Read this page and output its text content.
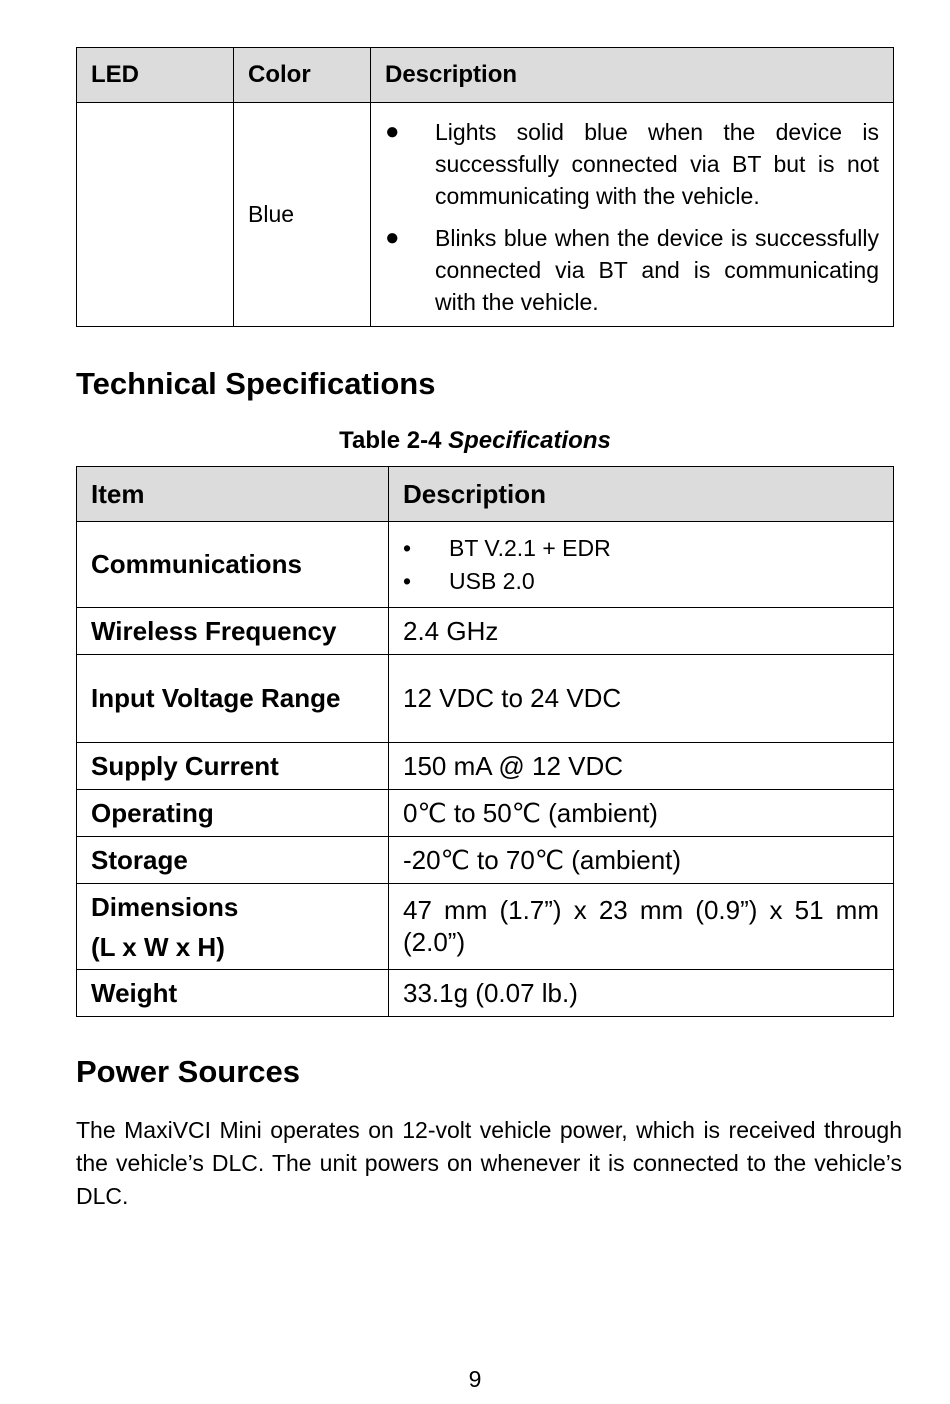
LED	Color	Description
	Blue	● Lights solid blue when the device is successfully connected via BT but is not communicating with the vehicle.
● Blinks blue when the device is successfully connected via BT and is communicating with the vehicle.
Technical Specifications
Table 2-4 Specifications
Item	Description
Communications	• BT V.2.1 + EDR
• USB 2.0

Wireless Frequency	2.4 GHz
Input Voltage Range	12 VDC to 24 VDC
Supply Current	150 mA @ 12 VDC
Operating	0℃ to 50℃ (ambient)
Storage	-20℃ to 70℃ (ambient)

Dimensions
(L x W x H)	47 mm (1.7”) x 23 mm (0.9”) x 51 mm (2.0”)
Weight	33.1g (0.07 lb.)
Power Sources

The MaxiVCI Mini operates on 12-volt vehicle power, which is received through the vehicle’s DLC. The unit powers on whenever it is connected to the vehicle’s DLC.

9
